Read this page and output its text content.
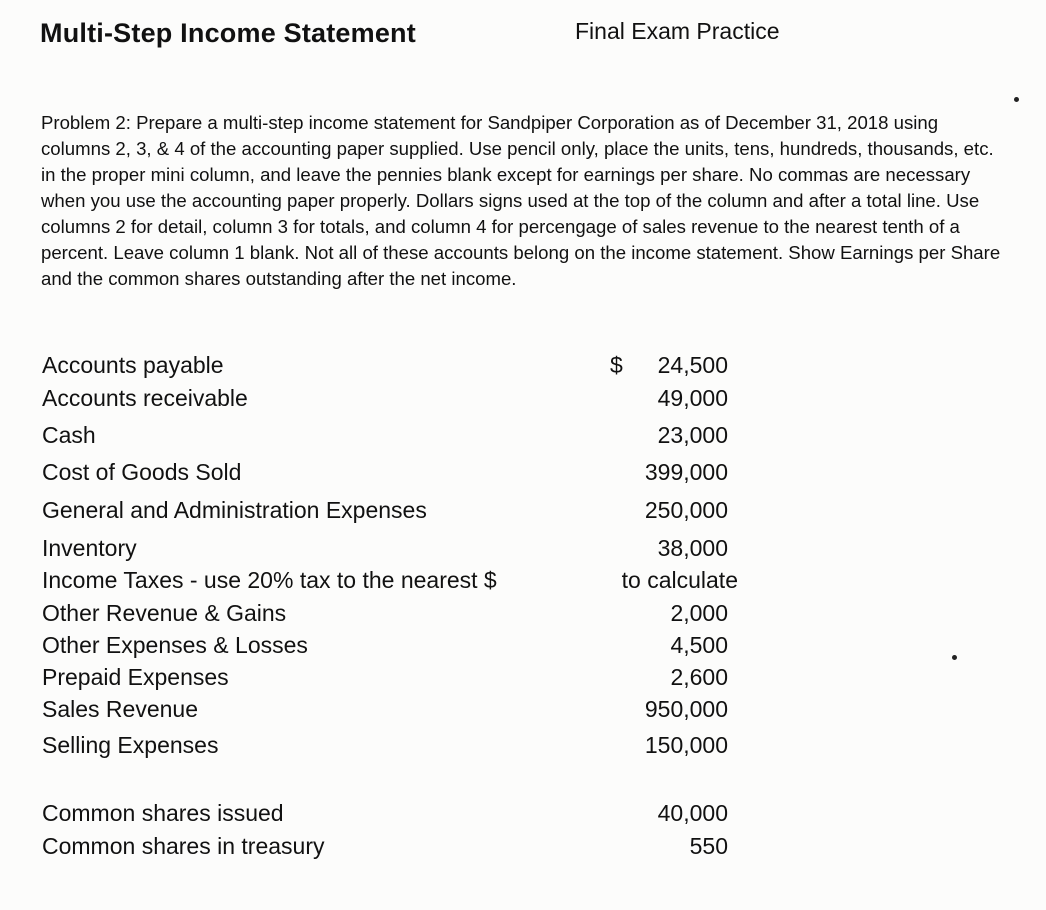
Multi-Step Income Statement	Final Exam Practice

Problem 2: Prepare a multi-step income statement for Sandpiper Corporation as of December 31, 2018 using columns 2, 3, & 4 of the accounting paper supplied. Use pencil only, place the units, tens, hundreds, thousands, etc. in the proper mini column, and leave the pennies blank except for earnings per share. No commas are necessary when you use the accounting paper properly. Dollars signs used at the top of the column and after a total line. Use columns 2 for detail, column 3 for totals, and column 4 for percengage of sales revenue to the nearest tenth of a percent. Leave column 1 blank. Not all of these accounts belong on the income statement. Show Earnings per Share and the common shares outstanding after the net income.

Accounts payable	$ 24,500
Accounts receivable	49,000
Cash	23,000
Cost of Goods Sold	399,000
General and Administration Expenses	250,000
Inventory	38,000
Income Taxes - use 20% tax to the nearest $	to calculate
Other Revenue & Gains	2,000
Other Expenses & Losses	4,500
Prepaid Expenses	2,600
Sales Revenue	950,000
Selling Expenses	150,000
Common shares issued	40,000
Common shares in treasury	550
